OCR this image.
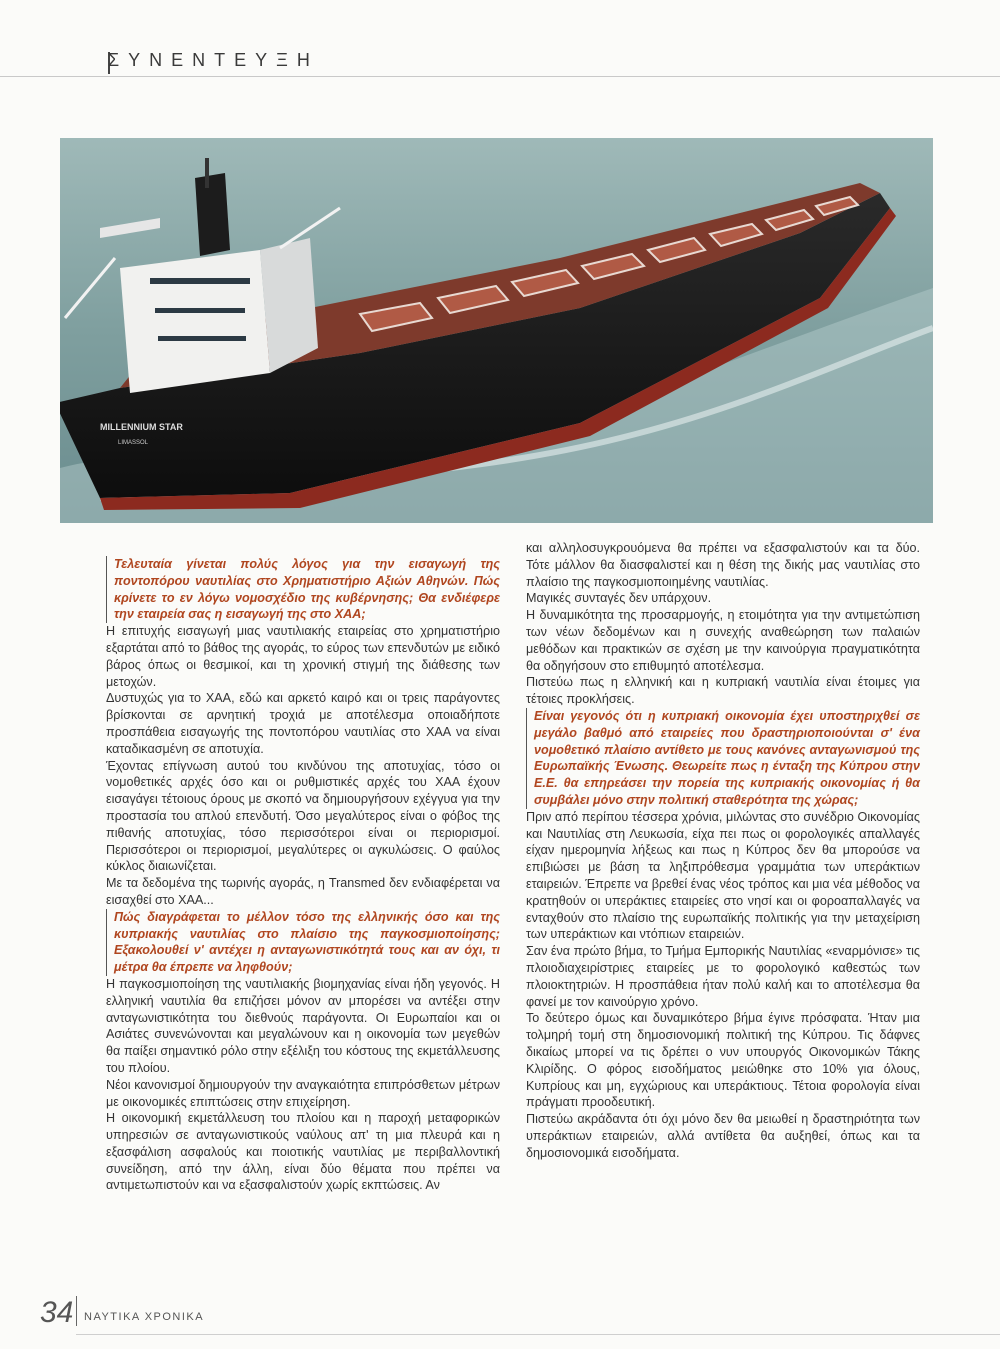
ΣΥΝΕΝΤΕΥΞΗ
MILLENNIUM STAR
LIMASSOL

Τελευταία γίνεται πολύς λόγος για την εισαγωγή της ποντοπόρου ναυτιλίας στο Χρηματιστήριο Αξιών Αθηνών. Πώς κρίνετε το εν λόγω νομοσχέδιο της κυβέρνησης; Θα ενδιέφερε την εταιρεία σας η εισαγωγή της στο ΧΑΑ;

Η επιτυχής εισαγωγή μιας ναυτιλιακής εταιρείας στο χρηματιστήριο εξαρτάται από το βάθος της αγοράς, το εύρος των επενδυτών με ειδικό βάρος όπως οι θεσμικοί, και τη χρονική στιγμή της διάθεσης των μετοχών.

Δυστυχώς για το ΧΑΑ, εδώ και αρκετό καιρό και οι τρεις παράγοντες βρίσκονται σε αρνητική τροχιά με αποτέλεσμα οποιαδήποτε προσπάθεια εισαγωγής της ποντοπόρου ναυτιλίας στο ΧΑΑ να είναι καταδικασμένη σε αποτυχία.

Έχοντας επίγνωση αυτού του κινδύνου της αποτυχίας, τόσο οι νομοθετικές αρχές όσο και οι ρυθμιστικές αρχές του ΧΑΑ έχουν εισαγάγει τέτοιους όρους με σκοπό να δημιουργήσουν εχέγγυα για την προστασία του απλού επενδυτή. Όσο μεγαλύτερος είναι ο φόβος της πιθανής αποτυχίας, τόσο περισσότεροι είναι οι περιορισμοί. Περισσότεροι οι περιορισμοί, μεγαλύτερες οι αγκυλώσεις. Ο φαύλος κύκλος διαιωνίζεται.

Με τα δεδομένα της τωρινής αγοράς, η Transmed δεν ενδιαφέρεται να εισαχθεί στο ΧΑΑ...

Πώς διαγράφεται το μέλλον τόσο της ελληνικής όσο και της κυπριακής ναυτιλίας στο πλαίσιο της παγκοσμιοποίησης; Εξακολουθεί ν' αντέχει η ανταγωνιστικότητά τους και αν όχι, τι μέτρα θα έπρεπε να ληφθούν;

Η παγκοσμιοποίηση της ναυτιλιακής βιομηχανίας είναι ήδη γεγονός. Η ελληνική ναυτιλία θα επιζήσει μόνον αν μπορέσει να αντέξει στην ανταγωνιστικότητα του διεθνούς παράγοντα. Οι Ευρωπαίοι και οι Ασιάτες συνενώνονται και μεγαλώνουν και η οικονομία των μεγεθών θα παίξει σημαντικό ρόλο στην εξέλιξη του κόστους της εκμετάλλευσης του πλοίου.

Νέοι κανονισμοί δημιουργούν την αναγκαιότητα επιπρόσθετων μέτρων με οικονομικές επιπτώσεις στην επιχείρηση.

Η οικονομική εκμετάλλευση του πλοίου και η παροχή μεταφορικών υπηρεσιών σε ανταγωνιστικούς ναύλους απ' τη μια πλευρά και η εξασφάλιση ασφαλούς και ποιοτικής ναυτιλίας με περιβαλλοντική συνείδηση, από την άλλη, είναι δύο θέματα που πρέπει να αντιμετωπιστούν και να εξασφαλιστούν χωρίς εκπτώσεις. Αν

και αλληλοσυγκρουόμενα θα πρέπει να εξασφαλιστούν και τα δύο. Τότε μάλλον θα διασφαλιστεί και η θέση της δικής μας ναυτιλίας στο πλαίσιο της παγκοσμιοποιημένης ναυτιλίας.

Μαγικές συνταγές δεν υπάρχουν.

Η δυναμικότητα της προσαρμογής, η ετοιμότητα για την αντιμετώπιση των νέων δεδομένων και η συνεχής αναθεώρηση των παλαιών μεθόδων και πρακτικών σε σχέση με την καινούργια πραγματικότητα θα οδηγήσουν στο επιθυμητό αποτέλεσμα.

Πιστεύω πως η ελληνική και η κυπριακή ναυτιλία είναι έτοιμες για τέτοιες προκλήσεις.

Είναι γεγονός ότι η κυπριακή οικονομία έχει υποστηριχθεί σε μεγάλο βαθμό από εταιρείες που δραστηριοποιούνται σ' ένα νομοθετικό πλαίσιο αντίθετο με τους κανόνες ανταγωνισμού της Ευρωπαϊκής Ένωσης. Θεωρείτε πως η ένταξη της Κύπρου στην Ε.Ε. θα επηρεάσει την πορεία της κυπριακής οικονομίας ή θα συμβάλει μόνο στην πολιτική σταθερότητα της χώρας;

Πριν από περίπου τέσσερα χρόνια, μιλώντας στο συνέδριο Οικονομίας και Ναυτιλίας στη Λευκωσία, είχα πει πως οι φορολογικές απαλλαγές είχαν ημερομηνία λήξεως και πως η Κύπρος δεν θα μπορούσε να επιβιώσει με βάση τα ληξιπρόθεσμα γραμμάτια των υπεράκτιων εταιρειών. Έπρεπε να βρεθεί ένας νέος τρόπος και μια νέα μέθοδος να κρατηθούν οι υπεράκτιες εταιρείες στο νησί και οι φοροαπαλλαγές να ενταχθούν στο πλαίσιο της ευρωπαϊκής πολιτικής για την μεταχείριση των υπεράκτιων και ντόπιων εταιρειών.

Σαν ένα πρώτο βήμα, το Τμήμα Εμπορικής Ναυτιλίας «εναρμόνισε» τις πλοιοδιαχειρίστριες εταιρείες με το φορολογικό καθεστώς των πλοιοκτητριών. Η προσπάθεια ήταν πολύ καλή και το αποτέλεσμα θα φανεί με τον καινούργιο χρόνο.

Το δεύτερο όμως και δυναμικότερο βήμα έγινε πρόσφατα. Ήταν μια τολμηρή τομή στη δημοσιονομική πολιτική της Κύπρου. Τις δάφνες δικαίως μπορεί να τις δρέπει ο νυν υπουργός Οικονομικών Τάκης Κλιρίδης. Ο φόρος εισοδήματος μειώθηκε στο 10% για όλους, Κυπρίους και μη, εγχώριους και υπεράκτιους. Τέτοια φορολογία είναι πράγματι προοδευτική.

Πιστεύω ακράδαντα ότι όχι μόνο δεν θα μειωθεί η δραστηριότητα των υπεράκτιων εταιρειών, αλλά αντίθετα θα αυξηθεί, όπως και τα δημοσιονομικά εισοδήματα.

34 ΝΑΥΤΙΚΑ ΧΡΟΝΙΚΑ
